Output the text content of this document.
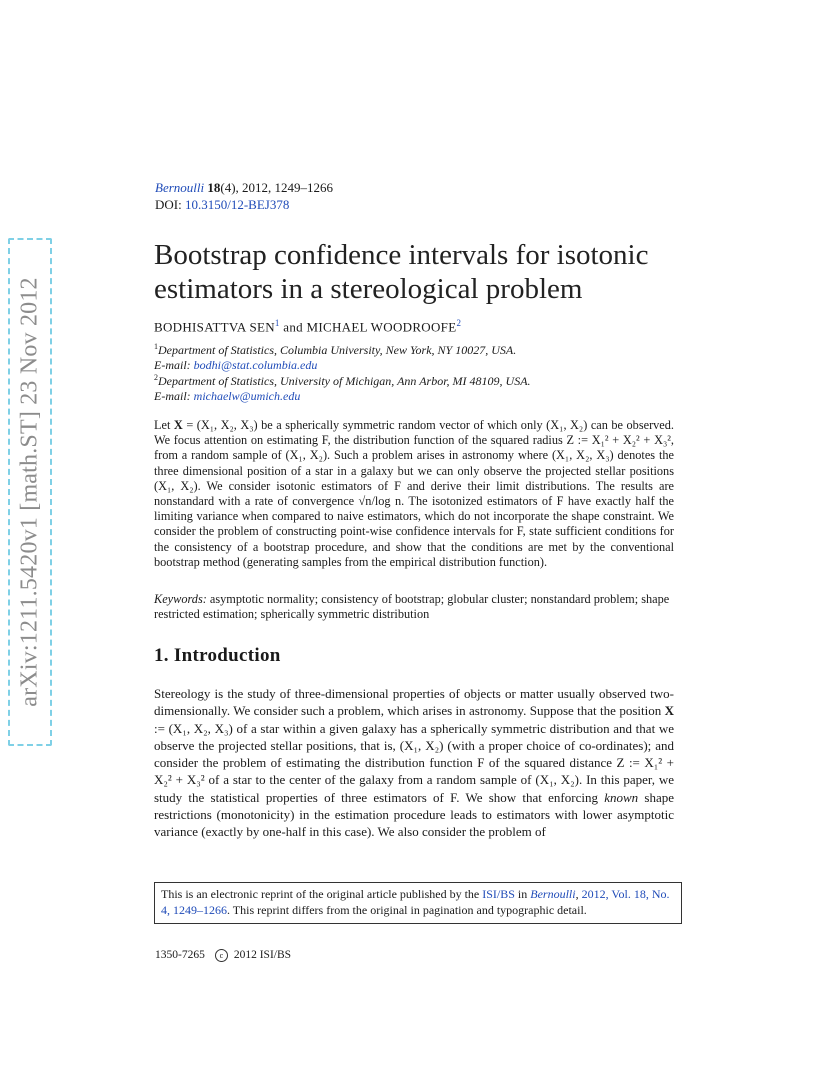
arXiv:1211.5420v1 [math.ST] 23 Nov 2012
Bernoulli 18(4), 2012, 1249–1266
DOI: 10.3150/12-BEJ378
Bootstrap confidence intervals for isotonic estimators in a stereological problem
BODHISATTVA SEN$^1$ and MICHAEL WOODROOFE$^2$
$^1$Department of Statistics, Columbia University, New York, NY 10027, USA.
E-mail: bodhi@stat.columbia.edu
$^2$Department of Statistics, University of Michigan, Ann Arbor, MI 48109, USA.
E-mail: michaelw@umich.edu
Let X = (X₁, X₂, X₃) be a spherically symmetric random vector of which only (X₁, X₂) can be observed. We focus attention on estimating F, the distribution function of the squared radius Z := X₁² + X₂² + X₃², from a random sample of (X₁, X₂). Such a problem arises in astronomy where (X₁, X₂, X₃) denotes the three dimensional position of a star in a galaxy but we can only observe the projected stellar positions (X₁, X₂). We consider isotonic estimators of F and derive their limit distributions. The results are nonstandard with a rate of convergence √n/log n. The isotonized estimators of F have exactly half the limiting variance when compared to naive estimators, which do not incorporate the shape constraint. We consider the problem of constructing point-wise confidence intervals for F, state sufficient conditions for the consistency of a bootstrap procedure, and show that the conditions are met by the conventional bootstrap method (generating samples from the empirical distribution function).
Keywords: asymptotic normality; consistency of bootstrap; globular cluster; nonstandard problem; shape restricted estimation; spherically symmetric distribution
1. Introduction
Stereology is the study of three-dimensional properties of objects or matter usually observed two-dimensionally. We consider such a problem, which arises in astronomy. Suppose that the position X := (X₁, X₂, X₃) of a star within a given galaxy has a spherically symmetric distribution and that we observe the projected stellar positions, that is, (X₁, X₂) (with a proper choice of co-ordinates); and consider the problem of estimating the distribution function F of the squared distance Z := X₁² + X₂² + X₃² of a star to the center of the galaxy from a random sample of (X₁, X₂). In this paper, we study the statistical properties of three estimators of F. We show that enforcing known shape restrictions (monotonicity) in the estimation procedure leads to estimators with lower asymptotic variance (exactly by one-half in this case). We also consider the problem of
This is an electronic reprint of the original article published by the ISI/BS in Bernoulli, 2012, Vol. 18, No. 4, 1249–1266. This reprint differs from the original in pagination and typographic detail.
1350-7265 c 2012 ISI/BS
